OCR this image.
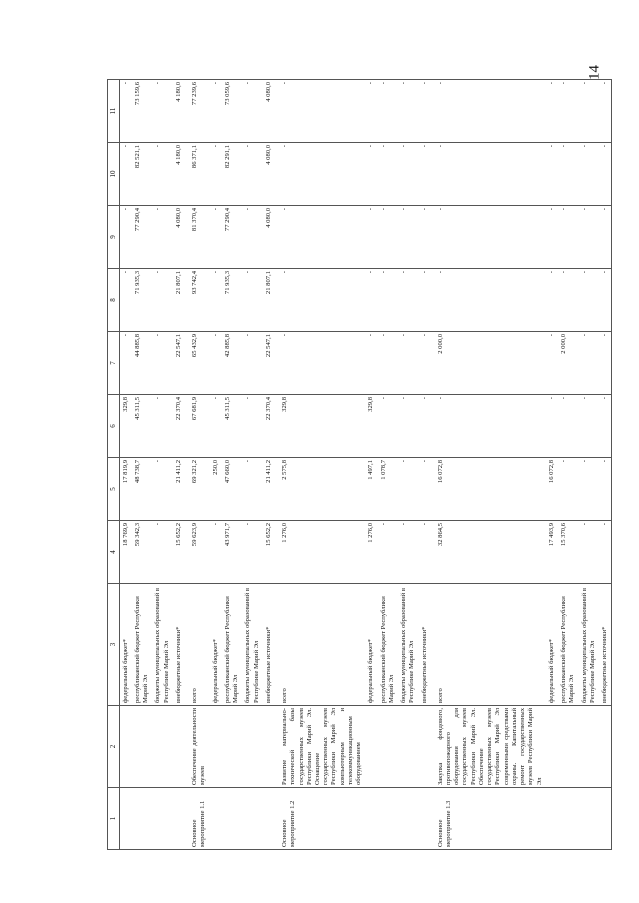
14
1	2	3	4	5	6	7	8	9	10	11
		федеральный бюджет*	18 769,9	17 819,9	329,8	-	-	-	-	-
		республиканский бюджет Республики Марий Эл	59 342,3	48 738,7	45 311,5	44 885,8	71 935,3	77 290,4	82 521,1	73 159,6
		бюджеты муниципальных образований в Республике Марий Эл	-	-	-	-	-	-	-	-
		внебюджетные источники*	15 652,2	21 411,2	22 370,4	22 547,1	21 807,1	4 080,0	4 180,0	4 180,0
Основное мероприятие 1.1	Обеспечение деятельности музеев	всего	59 623,9	69 321,2	67 681,9	65 432,9	93 742,4	81 370,4	86 371,1	77 239,6
		федеральный бюджет*	-	250,0	-	-	-	-	-	-
		республиканский бюджет Республики Марий Эл	43 971,7	47 660,0	45 311,5	42 885,8	71 935,3	77 290,4	82 291,1	73 059,6
		бюджеты муниципальных образований в Республике Марий Эл	-	-	-	-	-	-	-	-
		внебюджетные источники*	15 652,2	21 411,2	22 370,4	22 547,1	21 807,1	4 080,0	4 080,0	4 080,0
Основное мероприятие 1.2	Развитие материально-технической базы государственных музеев Республики Марий Эл. Оснащение государственных музеев Республики Марий Эл компьютерным и телекоммуникационным оборудованием	всего	1 276,0	2 575,8	329,8	-	-	-	-	-
		федеральный бюджет*	1 276,0	1 497,1	329,8	-	-	-	-	-
		республиканский бюджет Республики Марий Эл	-	1 078,7	-	-	-	-	-	-
		бюджеты муниципальных образований в Республике Марий Эл	-	-	-	-	-	-	-	-
		внебюджетные источники*	-	-	-	-	-	-	-	-
Основное мероприятие 1.3	Закупка фондового, противопожарного оборудования для государственных музеев Республики Марий Эл. Обеспечение государственных музеев Республики Марий Эл современными средствами охраны. Капитальный ремонт государственных музеев Республики Марий Эл	всего	32 864,5	16 072,8	-	2 000,0	-	-	-	-
		федеральный бюджет*	17 493,9	16 072,8	-	-	-	-	-	-
		республиканский бюджет Республики Марий Эл	15 370,6	-	-	2 000,0	-	-	-	-
		бюджеты муниципальных образований в Республике Марий Эл	-	-	-	-	-	-	-	-
		внебюджетные источники*	-	-	-	-	-	-	-	-
